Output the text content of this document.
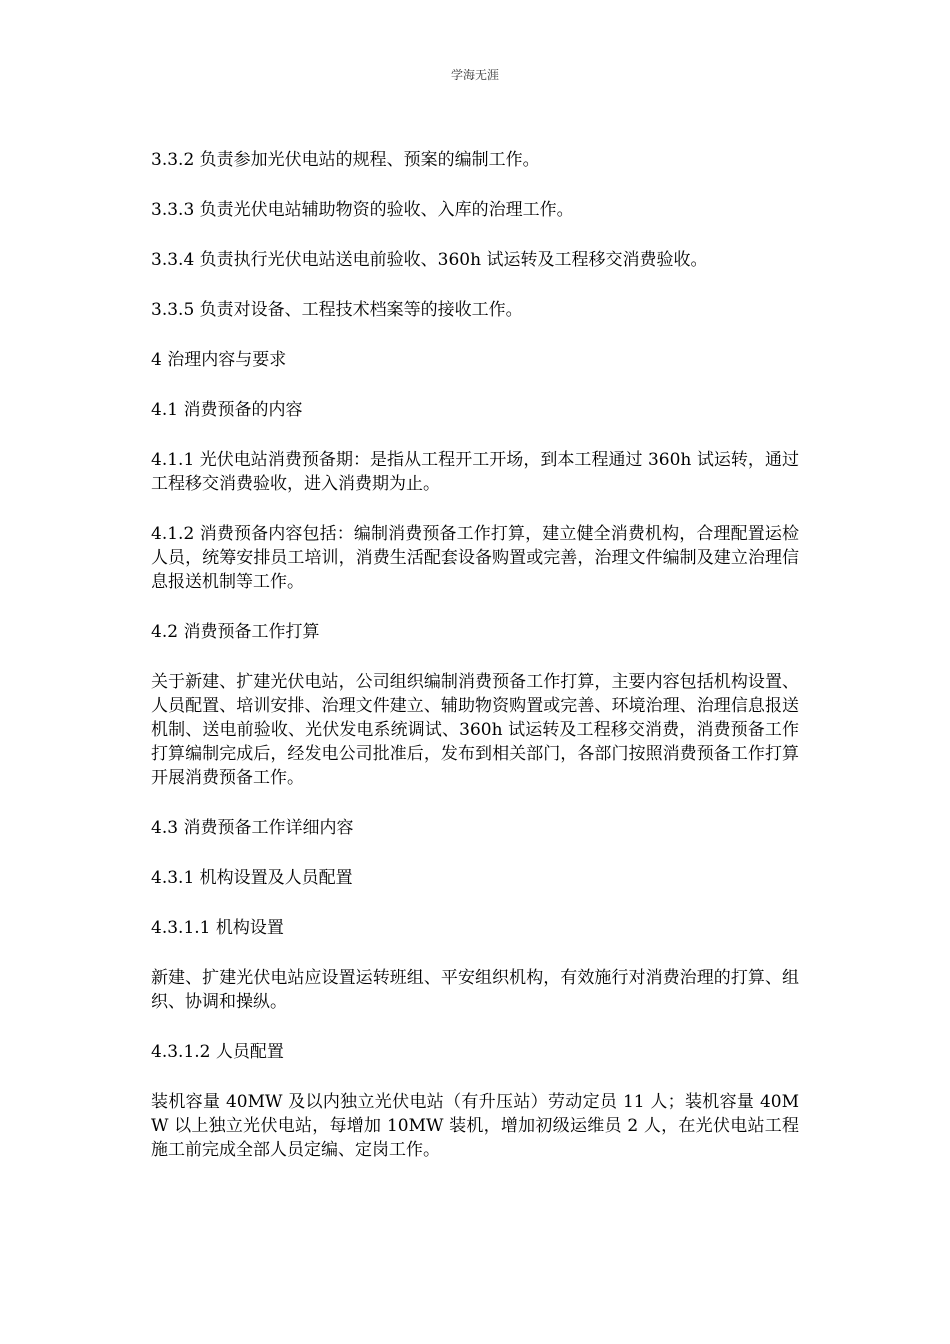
学海无涯

3.3.2 负责参加光伏电站的规程、预案的编制工作。

3.3.3 负责光伏电站辅助物资的验收、入库的治理工作。

3.3.4 负责执行光伏电站送电前验收、360h 试运转及工程移交消费验收。

3.3.5 负责对设备、工程技术档案等的接收工作。

4 治理内容与要求

4.1 消费预备的内容

4.1.1 光伏电站消费预备期：是指从工程开工开场，到本工程通过 360h 试运转，通过工程移交消费验收，进入消费期为止。

4.1.2 消费预备内容包括：编制消费预备工作打算，建立健全消费机构，合理配置运检人员，统筹安排员工培训，消费生活配套设备购置或完善，治理文件编制及建立治理信息报送机制等工作。

4.2 消费预备工作打算

关于新建、扩建光伏电站，公司组织编制消费预备工作打算，主要内容包括机构设置、人员配置、培训安排、治理文件建立、辅助物资购置或完善、环境治理、治理信息报送机制、送电前验收、光伏发电系统调试、360h 试运转及工程移交消费，消费预备工作打算编制完成后，经发电公司批准后，发布到相关部门，各部门按照消费预备工作打算开展消费预备工作。

4.3 消费预备工作详细内容

4.3.1 机构设置及人员配置

4.3.1.1 机构设置

新建、扩建光伏电站应设置运转班组、平安组织机构，有效施行对消费治理的打算、组织、协调和操纵。

4.3.1.2 人员配置

装机容量 40MW 及以内独立光伏电站（有升压站）劳动定员 11 人；装机容量 40MW 以上独立光伏电站，每增加 10MW 装机，增加初级运维员 2 人，在光伏电站工程施工前完成全部人员定编、定岗工作。
